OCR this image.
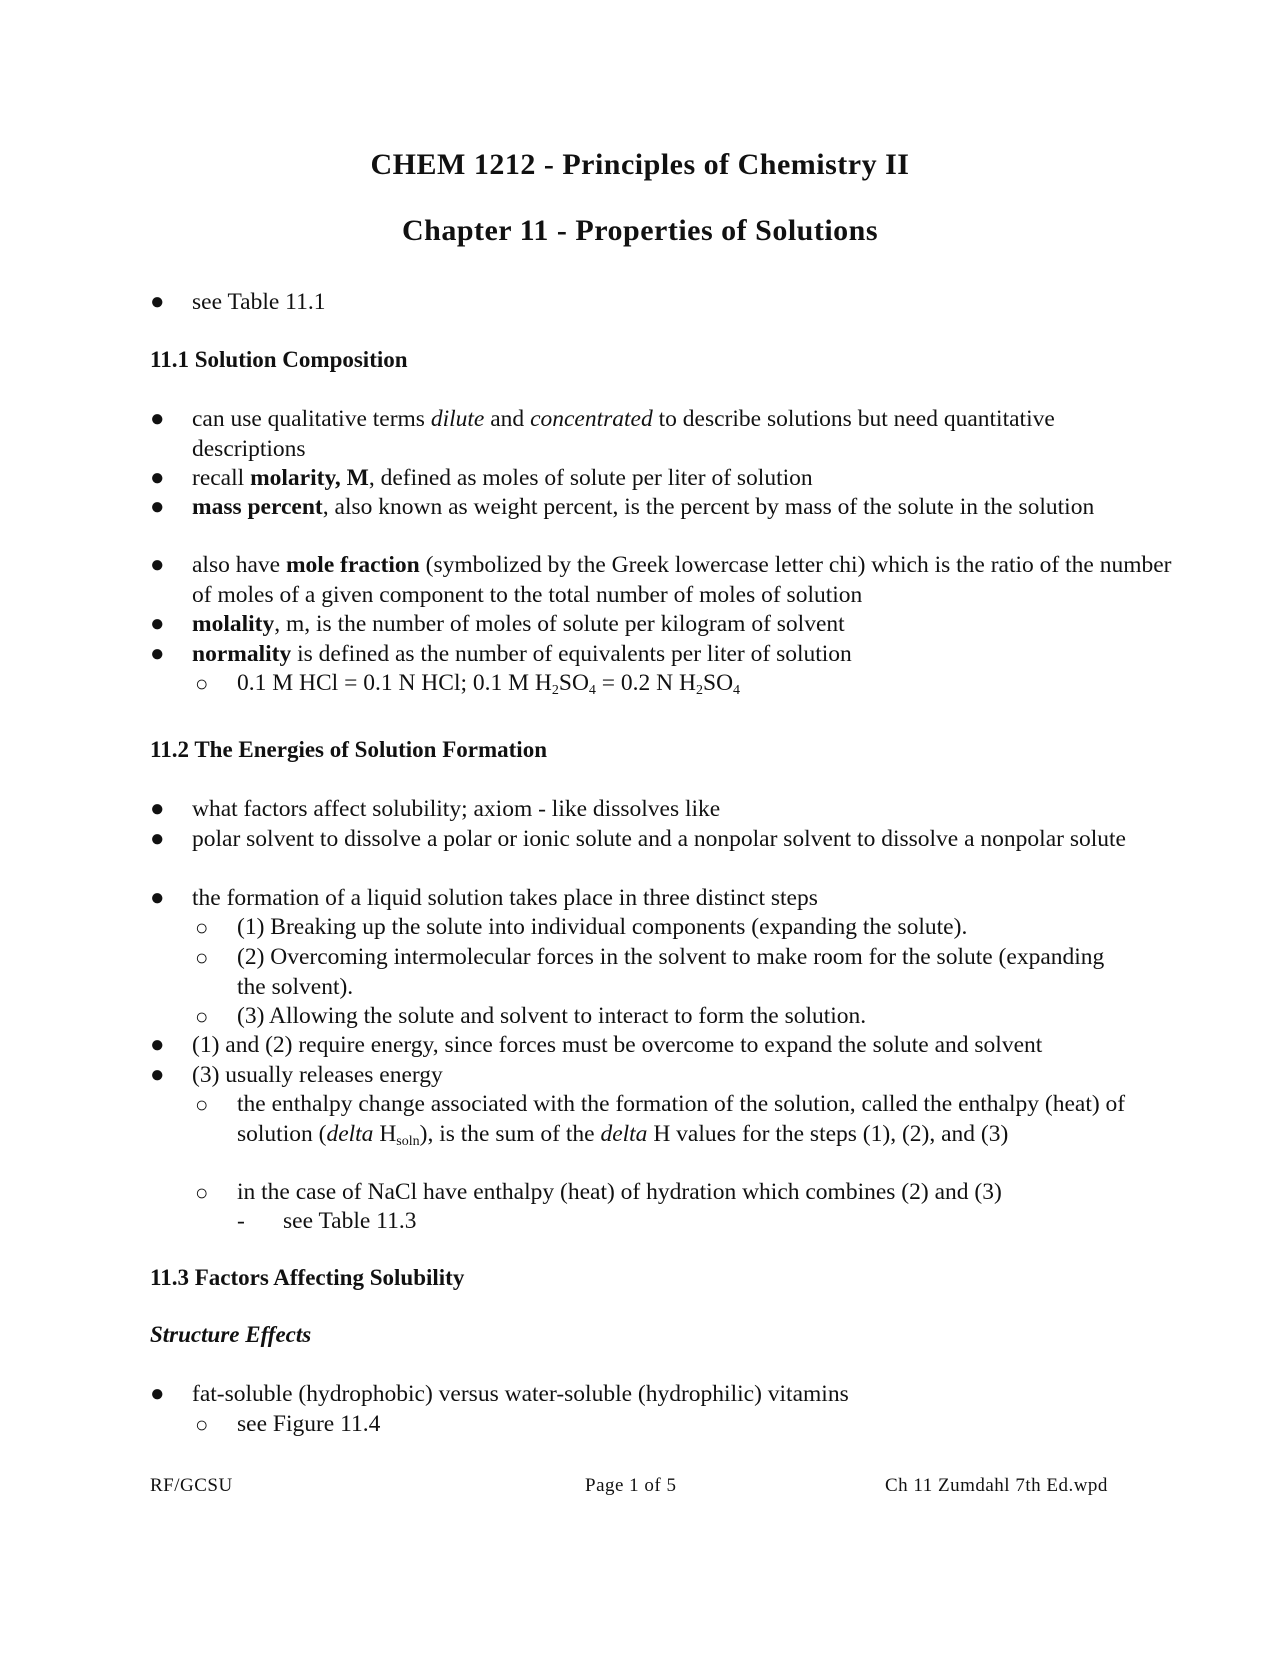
CHEM 1212 - Principles of Chemistry II
Chapter 11 - Properties of Solutions
● see Table 11.1
11.1 Solution Composition
● can use qualitative terms dilute and concentrated to describe solutions but need quantitative descriptions
● recall molarity, M, defined as moles of solute per liter of solution
● mass percent, also known as weight percent, is the percent by mass of the solute in the solution
● also have mole fraction (symbolized by the Greek lowercase letter chi) which is the ratio of the number of moles of a given component to the total number of moles of solution
● molality, m, is the number of moles of solute per kilogram of solvent
● normality is defined as the number of equivalents per liter of solution
○ 0.1 M HCl = 0.1 N HCl; 0.1 M $H_2SO_4 = 0.2$ N $H_2SO_4$
11.2 The Energies of Solution Formation
● what factors affect solubility; axiom - like dissolves like
● polar solvent to dissolve a polar or ionic solute and a nonpolar solvent to dissolve a nonpolar solute
● the formation of a liquid solution takes place in three distinct steps
○ (1) Breaking up the solute into individual components (expanding the solute).
○ (2) Overcoming intermolecular forces in the solvent to make room for the solute (expanding the solvent).
○ (3) Allowing the solute and solvent to interact to form the solution.
● (1) and (2) require energy, since forces must be overcome to expand the solute and solvent
● (3) usually releases energy
○ the enthalpy change associated with the formation of the solution, called the enthalpy (heat) of solution (delta $H_{soln}$), is the sum of the delta H values for the steps (1), (2), and (3)
○ in the case of NaCl have enthalpy (heat) of hydration which combines (2) and (3)
- see Table 11.3
11.3 Factors Affecting Solubility
Structure Effects
● fat-soluble (hydrophobic) versus water-soluble (hydrophilic) vitamins
○ see Figure 11.4
RF/GCSU	Page 1 of 5	Ch 11 Zumdahl 7th Ed.wpd
